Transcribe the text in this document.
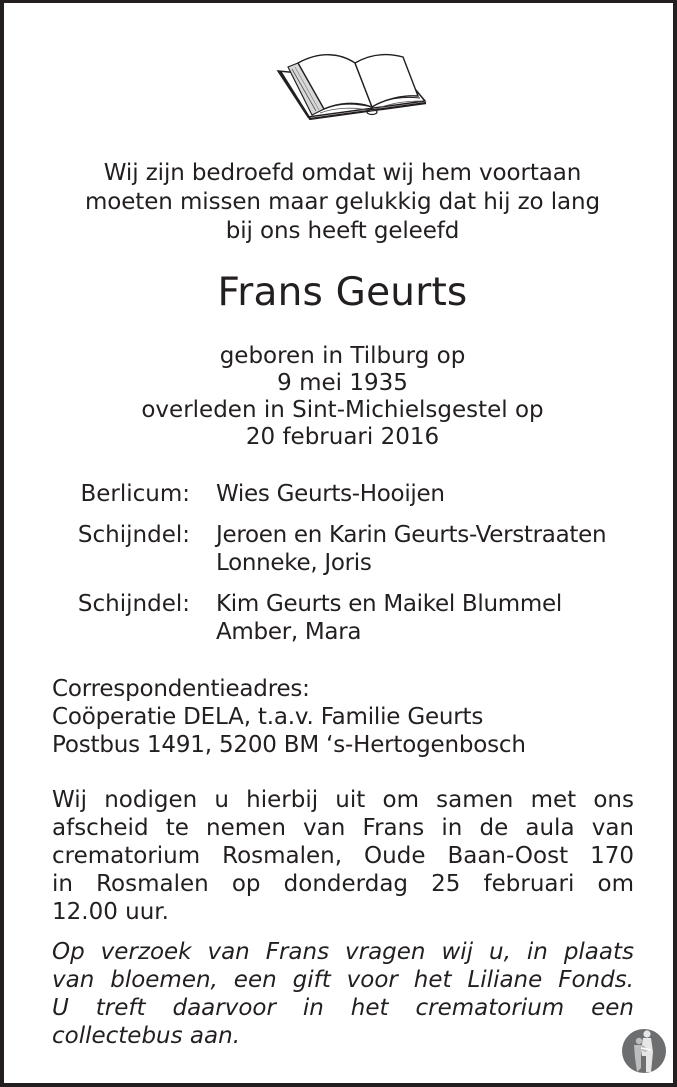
Wij zijn bedroefd omdat wij hem voortaan
moeten missen maar gelukkig dat hij zo lang
bij ons heeft geleefd
Frans Geurts
geboren in Tilburg op
9 mei 1935
overleden in Sint-Michielsgestel op
20 februari 2016
Berlicum: Wies Geurts-Hooijen
Schijndel: Jeroen en Karin Geurts-Verstraaten
Lonneke, Joris
Schijndel: Kim Geurts en Maikel Blummel
Amber, Mara
Correspondentieadres:
Coöperatie DELA, t.a.v. Familie Geurts
Postbus 1491, 5200 BM ‘s-Hertogenbosch
Wij nodigen u hierbij uit om samen met ons
afscheid te nemen van Frans in de aula van
crematorium Rosmalen, Oude Baan-Oost 170
in Rosmalen op donderdag 25 februari om
12.00 uur.
Op verzoek van Frans vragen wij u, in plaats
van bloemen, een gift voor het Liliane Fonds.
U treft daarvoor in het crematorium een
collectebus aan.
